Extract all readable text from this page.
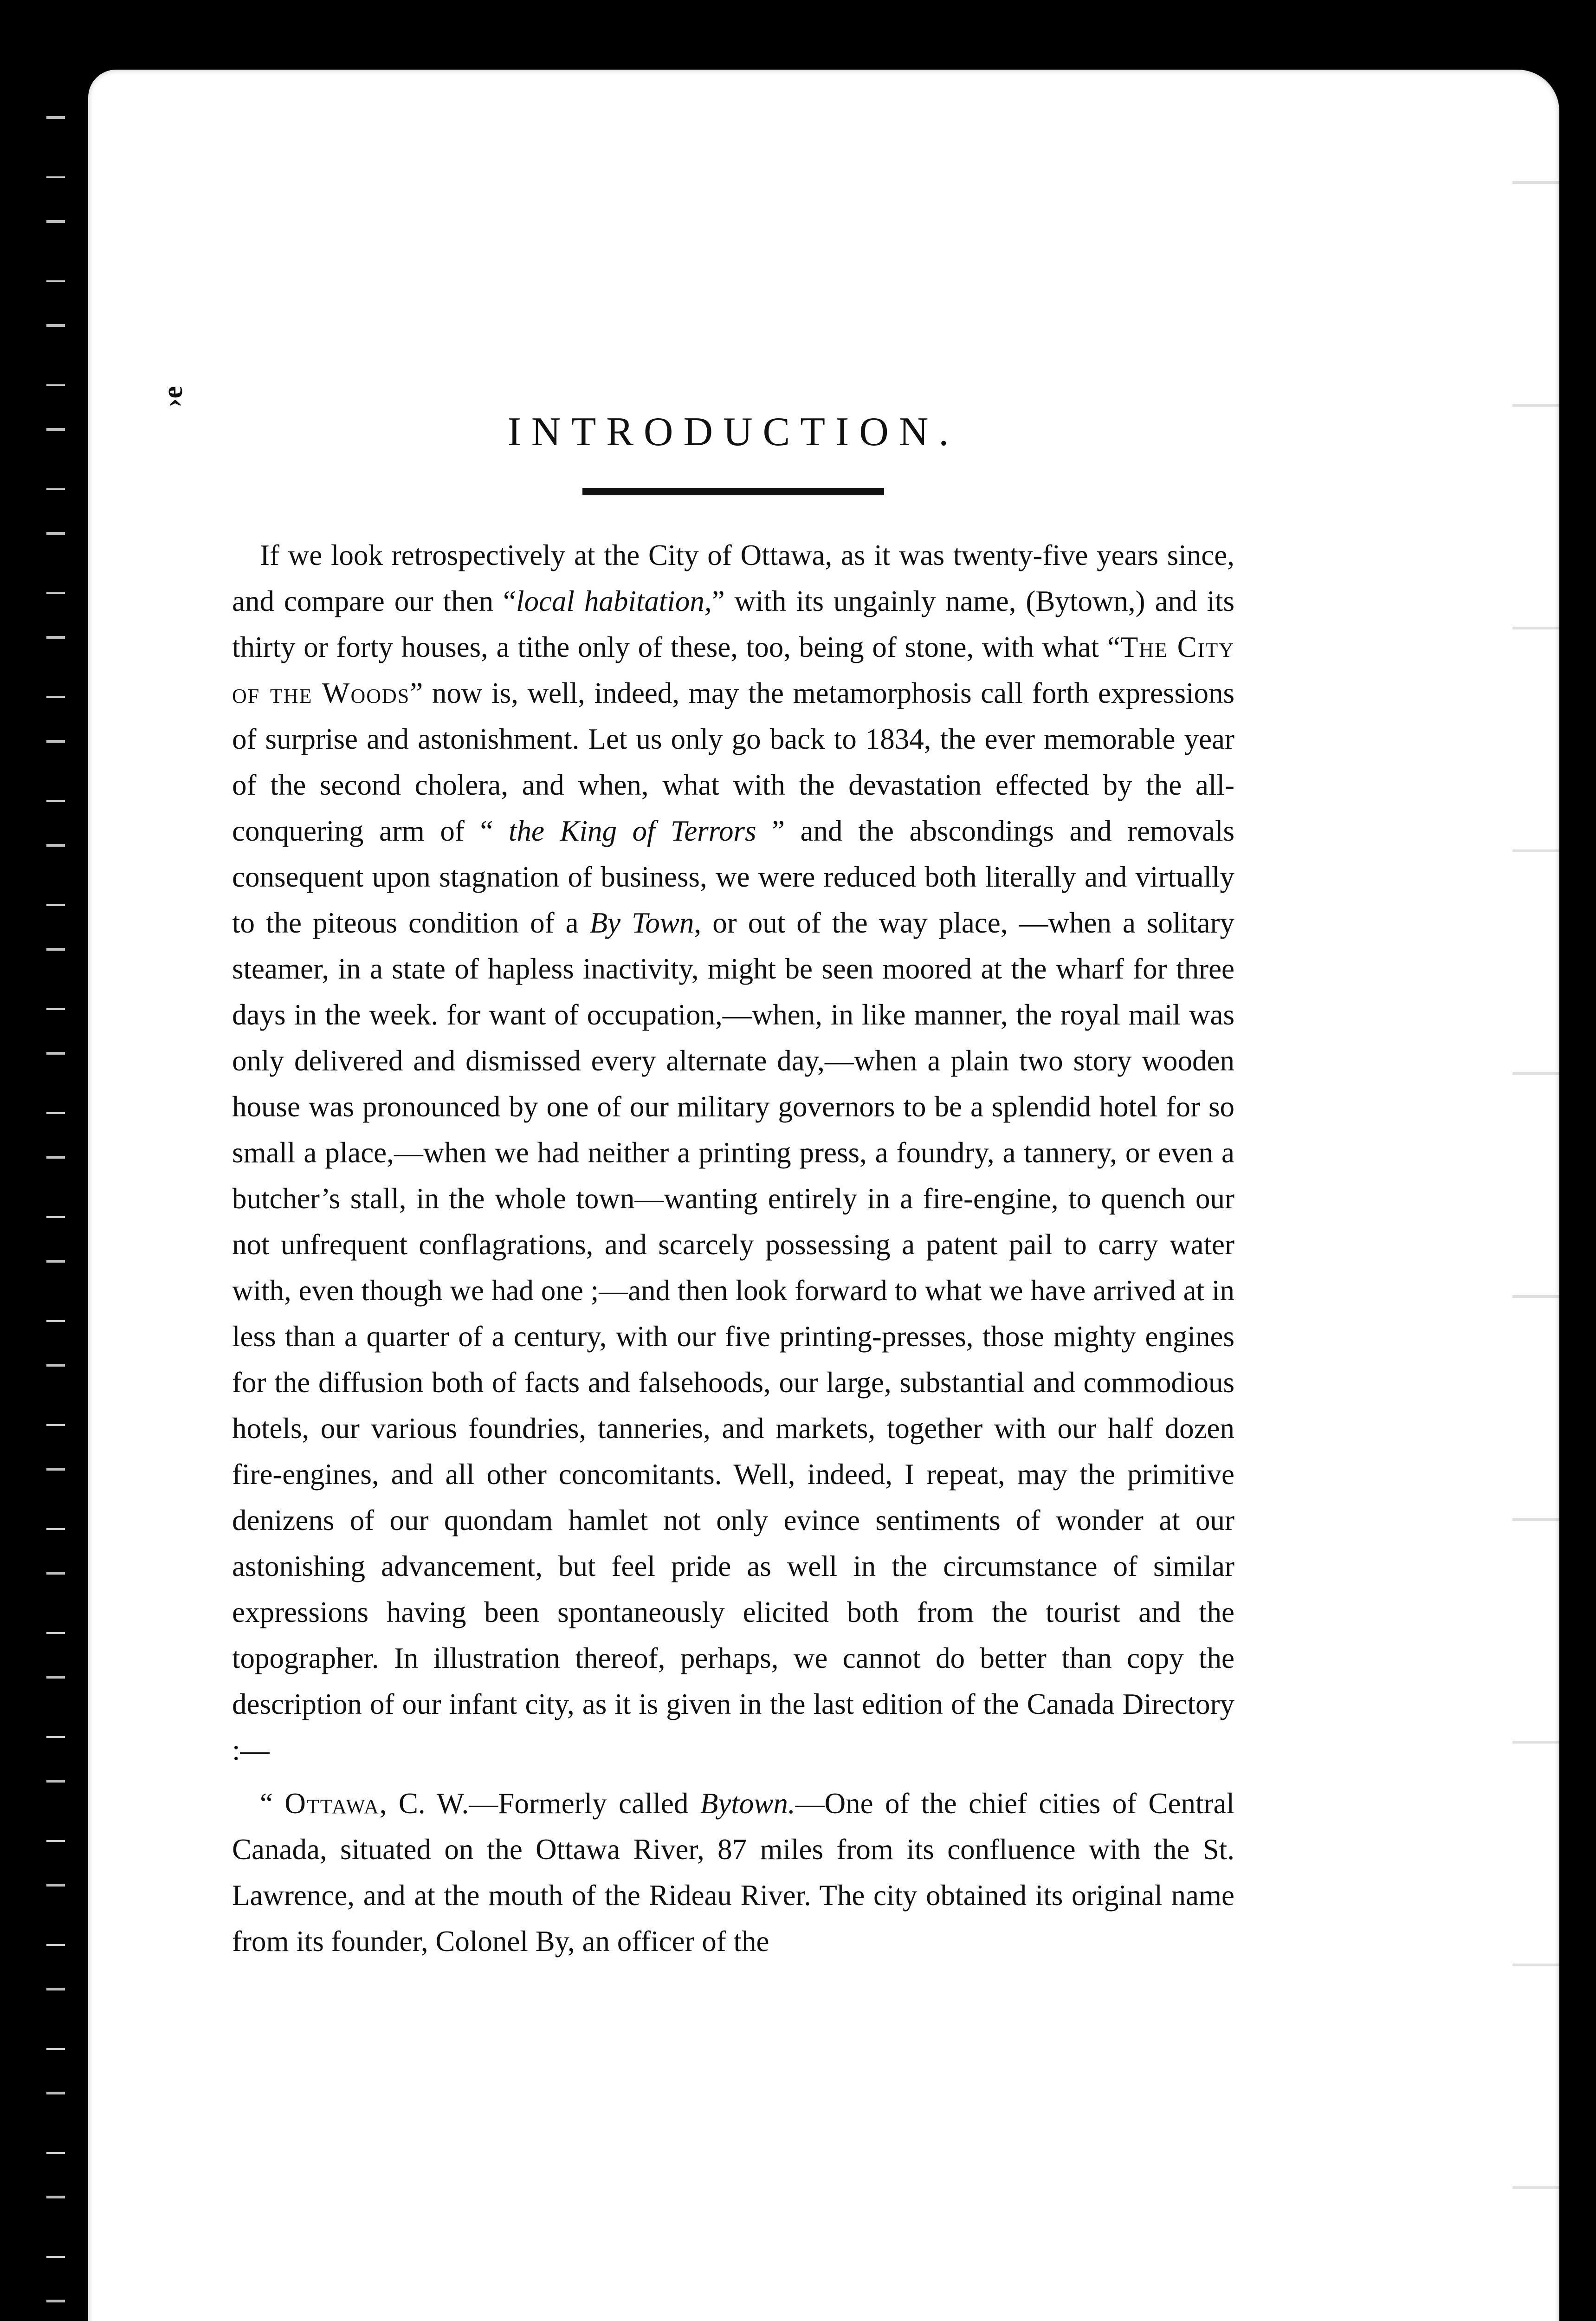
ǝ‹
INTRODUCTION.

If we look retrospectively at the City of Ottawa, as it was twenty-five years since, and compare our then “local habitation,” with its ungainly name, (Bytown,) and its thirty or forty houses, a tithe only of these, too, being of stone, with what “The City of the Woods” now is, well, indeed, may the metamorphosis call forth expressions of surprise and astonishment. Let us only go back to 1834, the ever memorable year of the second cholera, and when, what with the devastation effected by the all-conquering arm of “ the King of Terrors ” and the abscondings and removals consequent upon stagnation of business, we were reduced both literally and virtually to the piteous condition of a By Town, or out of the way place, —when a solitary steamer, in a state of hapless inactivity, might be seen moored at the wharf for three days in the week. for want of occupation,—when, in like manner, the royal mail was only delivered and dismissed every alternate day,—when a plain two story wooden house was pronounced by one of our military governors to be a splendid hotel for so small a place,—when we had neither a printing press, a foundry, a tannery, or even a butcher’s stall, in the whole town—wanting entirely in a fire-engine, to quench our not unfrequent conflagrations, and scarcely possessing a patent pail to carry water with, even though we had one ;—and then look forward to what we have arrived at in less than a quarter of a century, with our five printing-presses, those mighty engines for the diffusion both of facts and falsehoods, our large, substantial and commodious hotels, our various foundries, tanneries, and markets, together with our half dozen fire-engines, and all other concomitants. Well, indeed, I repeat, may the primitive denizens of our quondam hamlet not only evince sentiments of wonder at our astonishing advancement, but feel pride as well in the circumstance of similar expressions having been spontaneously elicited both from the tourist and the topographer. In illustration thereof, perhaps, we cannot do better than copy the description of our infant city, as it is given in the last edition of the Canada Directory :—

“ Ottawa, C. W.—Formerly called Bytown.—One of the chief cities of Central Canada, situated on the Ottawa River, 87 miles from its confluence with the St. Lawrence, and at the mouth of the Rideau River. The city obtained its original name from its founder, Colonel By, an officer of the
